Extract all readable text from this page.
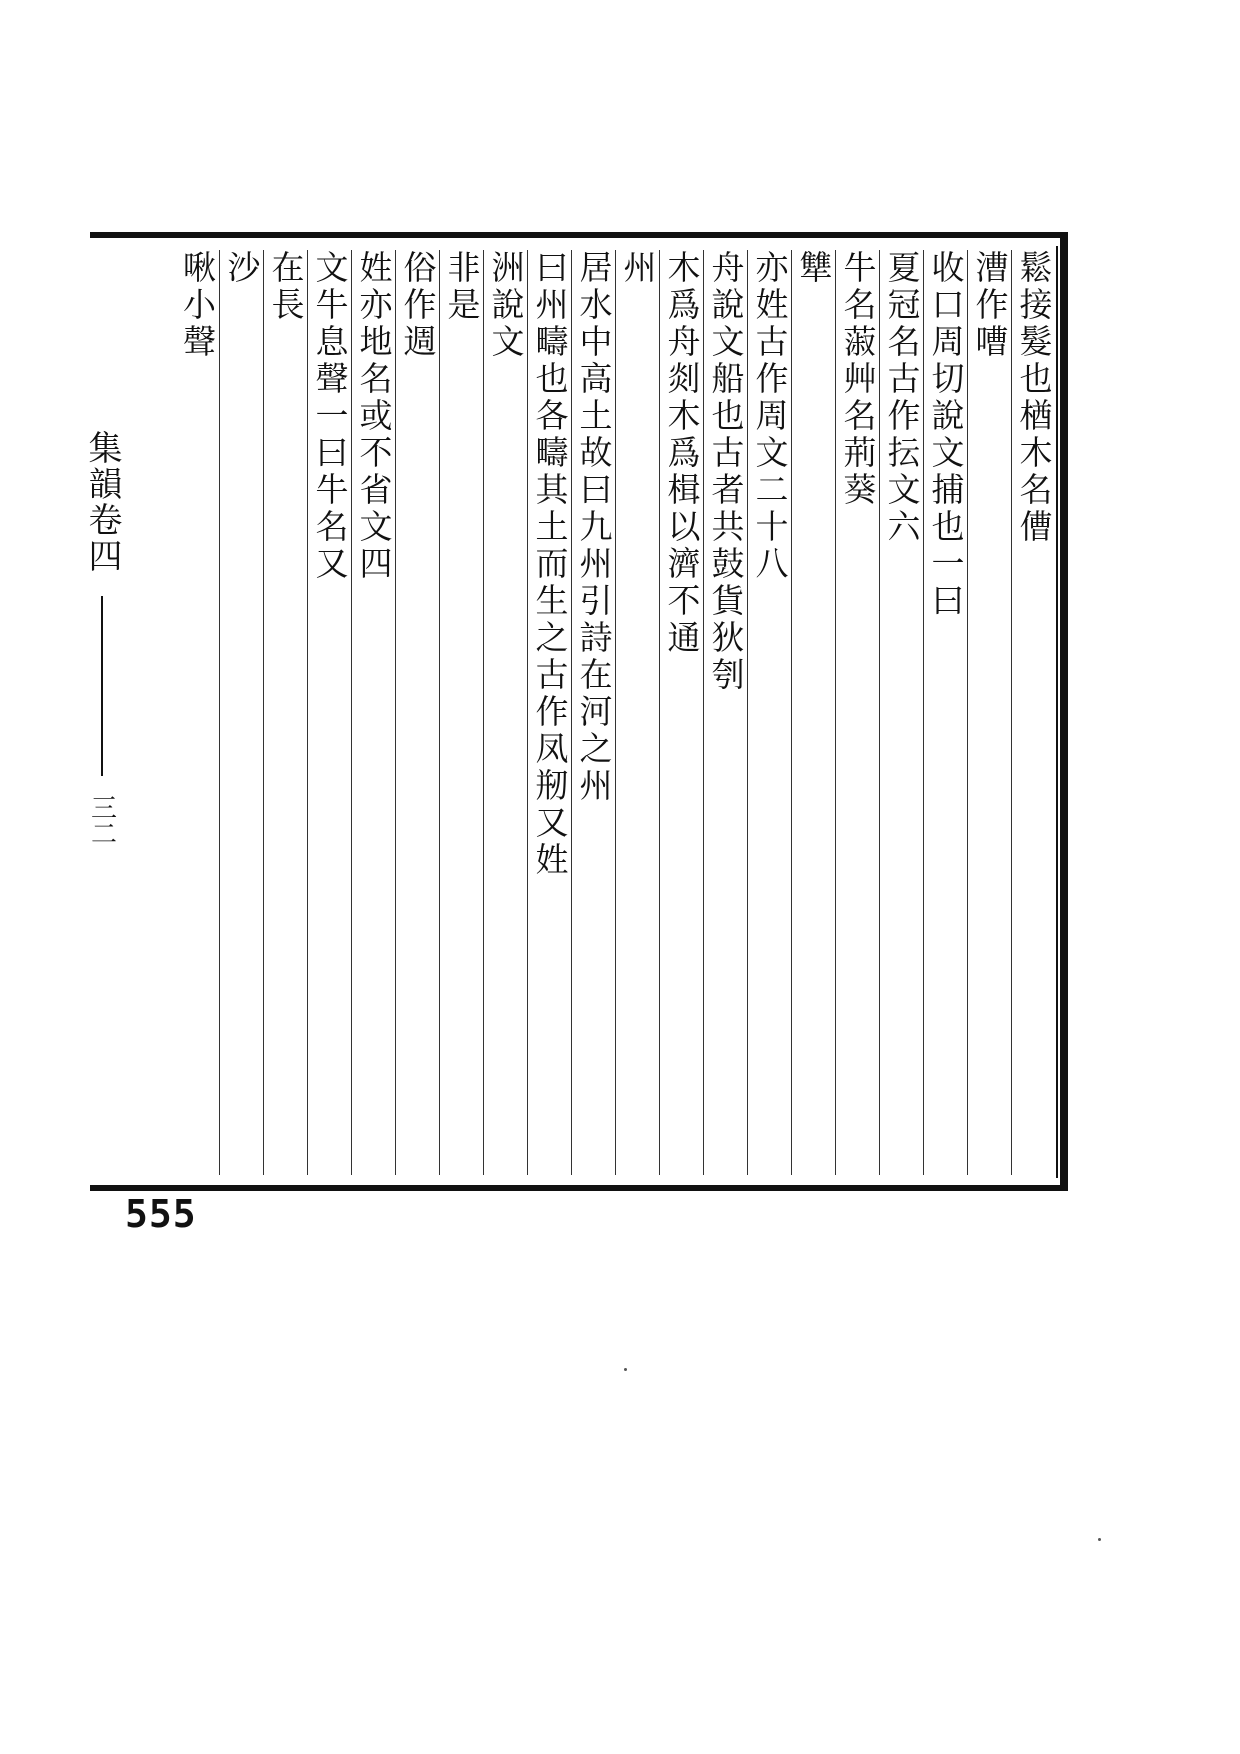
鬆接髮也楢木名傮
漕作嘈
收口周切說文捕也一曰
夏冠名古作抎文六
牛名蔋艸名荊葵
犨
亦姓古作周文二十八
舟說文船也古者共鼓貨狄刳
木爲舟剡木爲楫以濟不通
州
居水中高土故曰九州引詩在河之州
曰州疇也各疇其土而生之古作凤剏又姓
洲說文
非是
俗作週
姓亦地名或不省文四
文牛息聲一曰牛名又
在長
沙
啾小聲
集韻卷四
三二
555
